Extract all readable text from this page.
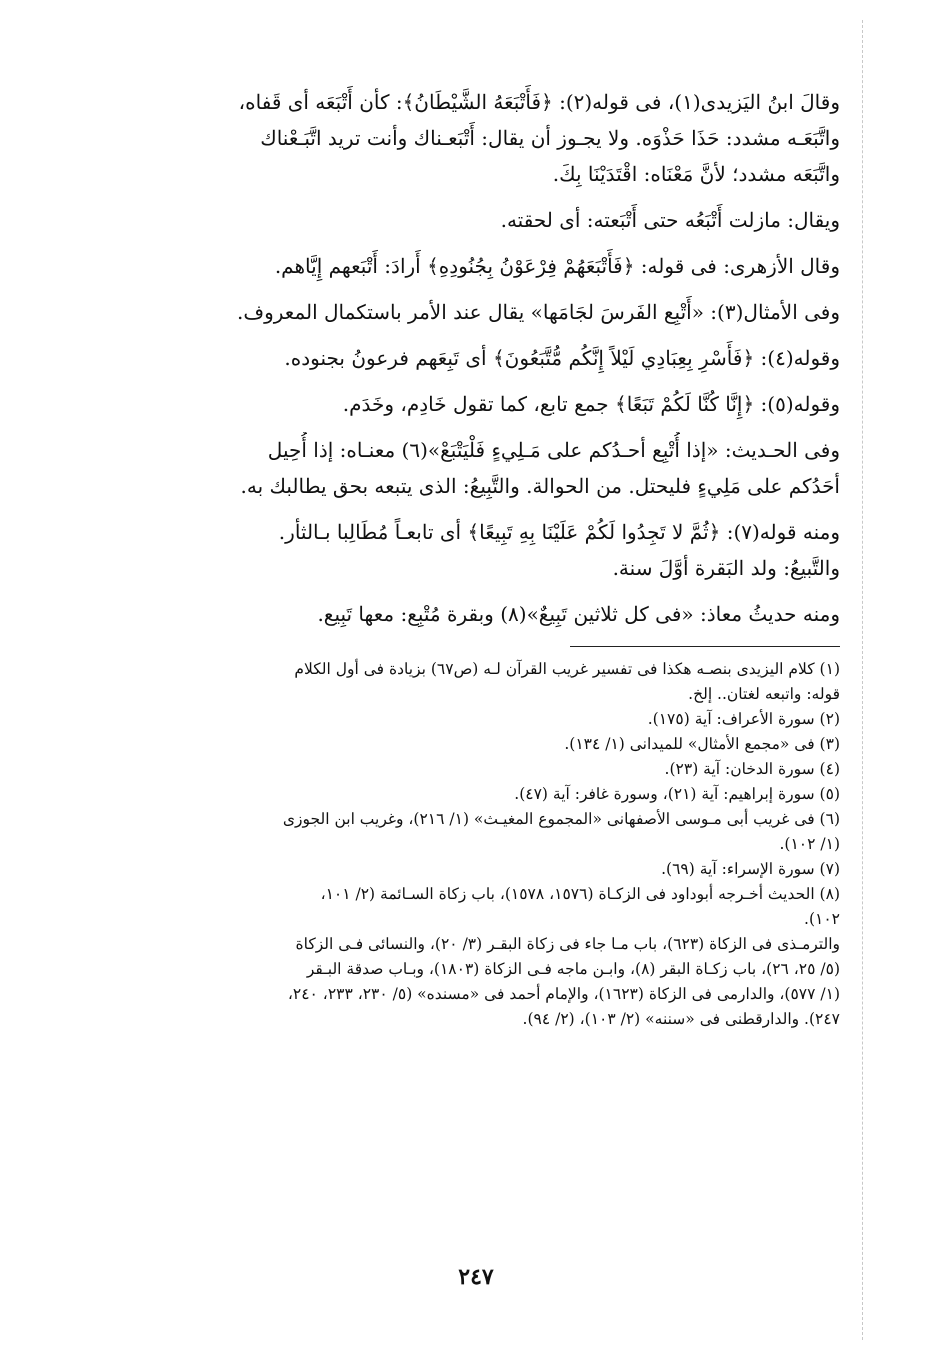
وقالَ ابنُ اليَزيدى(١)، فى قوله(٢): ﴿فَأَتْبَعَهُ الشَّيْطَانُ﴾: كأن أَتْبَعَه أى قَفاه،
واتَّبَعَـه مشدد: حَذَا حَذْوَه. ولا يجـوز أن يقال: أَتْبَعـناك وأنت تريد اتَّبَـعْناك
واتَّبَعَه مشدد؛ لأنَّ مَعْنَاه: اقْتَدَيْنَا بِكَ.

ويقال: مازلت أَتْبَعُه حتى أَتْبَعته: أى لحقته.

وقال الأزهرى: فى قوله: ﴿فَأَتْبَعَهُمْ فِرْعَوْنُ بِجُنُودِهِ﴾ أَرادَ: أَتْبَعهم إِيَّاهم.

وفى الأمثال(٣): «أَتْبِع الفَرسَ لجَامَها» يقال عند الأمر باستكمال المعروف.

وقوله(٤): ﴿فَأَسْرِ بِعِبَادِي لَيْلاً إِنَّكُم مُّتَّبَعُونَ﴾ أى تَبِعَهم فرعونُ بجنوده.

وقوله(٥): ﴿إِنَّا كُنَّا لَكُمْ تَبَعًا﴾ جمع تابع، كما تقول خَادِم، وخَدَم.

وفى الحـديث: «إذا أُتْبِع أحـدُكم على مَـلِيءٍ فَلْيَتْبَعْ»(٦) معنـاه: إذا أُحِيل
أحَدُكم على مَلِيءٍ فليحتل. من الحوالة. والتَّبِيعُ: الذى يتبعه بحق يطالبك به.

ومنه قوله(٧): ﴿ثُمَّ لا تَجِدُوا لَكُمْ عَلَيْنَا بِهِ تَبِيعًا﴾ أى تابعـاً مُطَالِبا بـالثأر.
والتَّبيعُ: ولد البَقرة أوَّلَ سنة.

ومنه حديثُ معاذ: «فى كل ثلاثين تَبِيعٌ»(٨) وبقرة مُتْبِع: معها تَبِيع.

(١) كلام اليزيدى بنصـه هكذا فى تفسير غريب القرآن لـه (ص٦٧) بزيادة فى أول الكلام
قوله: واتبعه لغتان.. إلخ.
(٢) سورة الأعراف: آية (١٧٥).
(٣) فى «مجمع الأمثال» للميدانى (١/ ١٣٤).
(٤) سورة الدخان: آية (٢٣).
(٥) سورة إبراهيم: آية (٢١)، وسورة غافر: آية (٤٧).
(٦) فى غريب أبى مـوسى الأصفهانى «المجموع المغيـث» (١/ ٢١٦)، وغريب ابن الجوزى
(١/ ١٠٢).
(٧) سورة الإسراء: آية (٦٩).
(٨) الحديث أخـرجه أبوداود فى الزكـاة (١٥٧٦، ١٥٧٨)، باب زكاة السـائمة (٢/ ١٠١،
١٠٢).
والترمـذى فى الزكاة (٦٢٣)، باب مـا جاء فى زكاة البقـر (٣/ ٢٠)، والنسائى فـى الزكاة
(٥/ ٢٥، ٢٦)، باب زكـاة البقر (٨)، وابـن ماجه فـى الزكاة (١٨٠٣)، وبـاب صدقة البـقر
(١/ ٥٧٧)، والدارمى فى الزكاة (١٦٢٣)، والإمام أحمد فى «مسنده» (٥/ ٢٣٠، ٢٣٣، ٢٤٠،
٢٤٧). والدارقطنى فى «سننه» (٢/ ١٠٣)، (٢/ ٩٤).
٢٤٧
